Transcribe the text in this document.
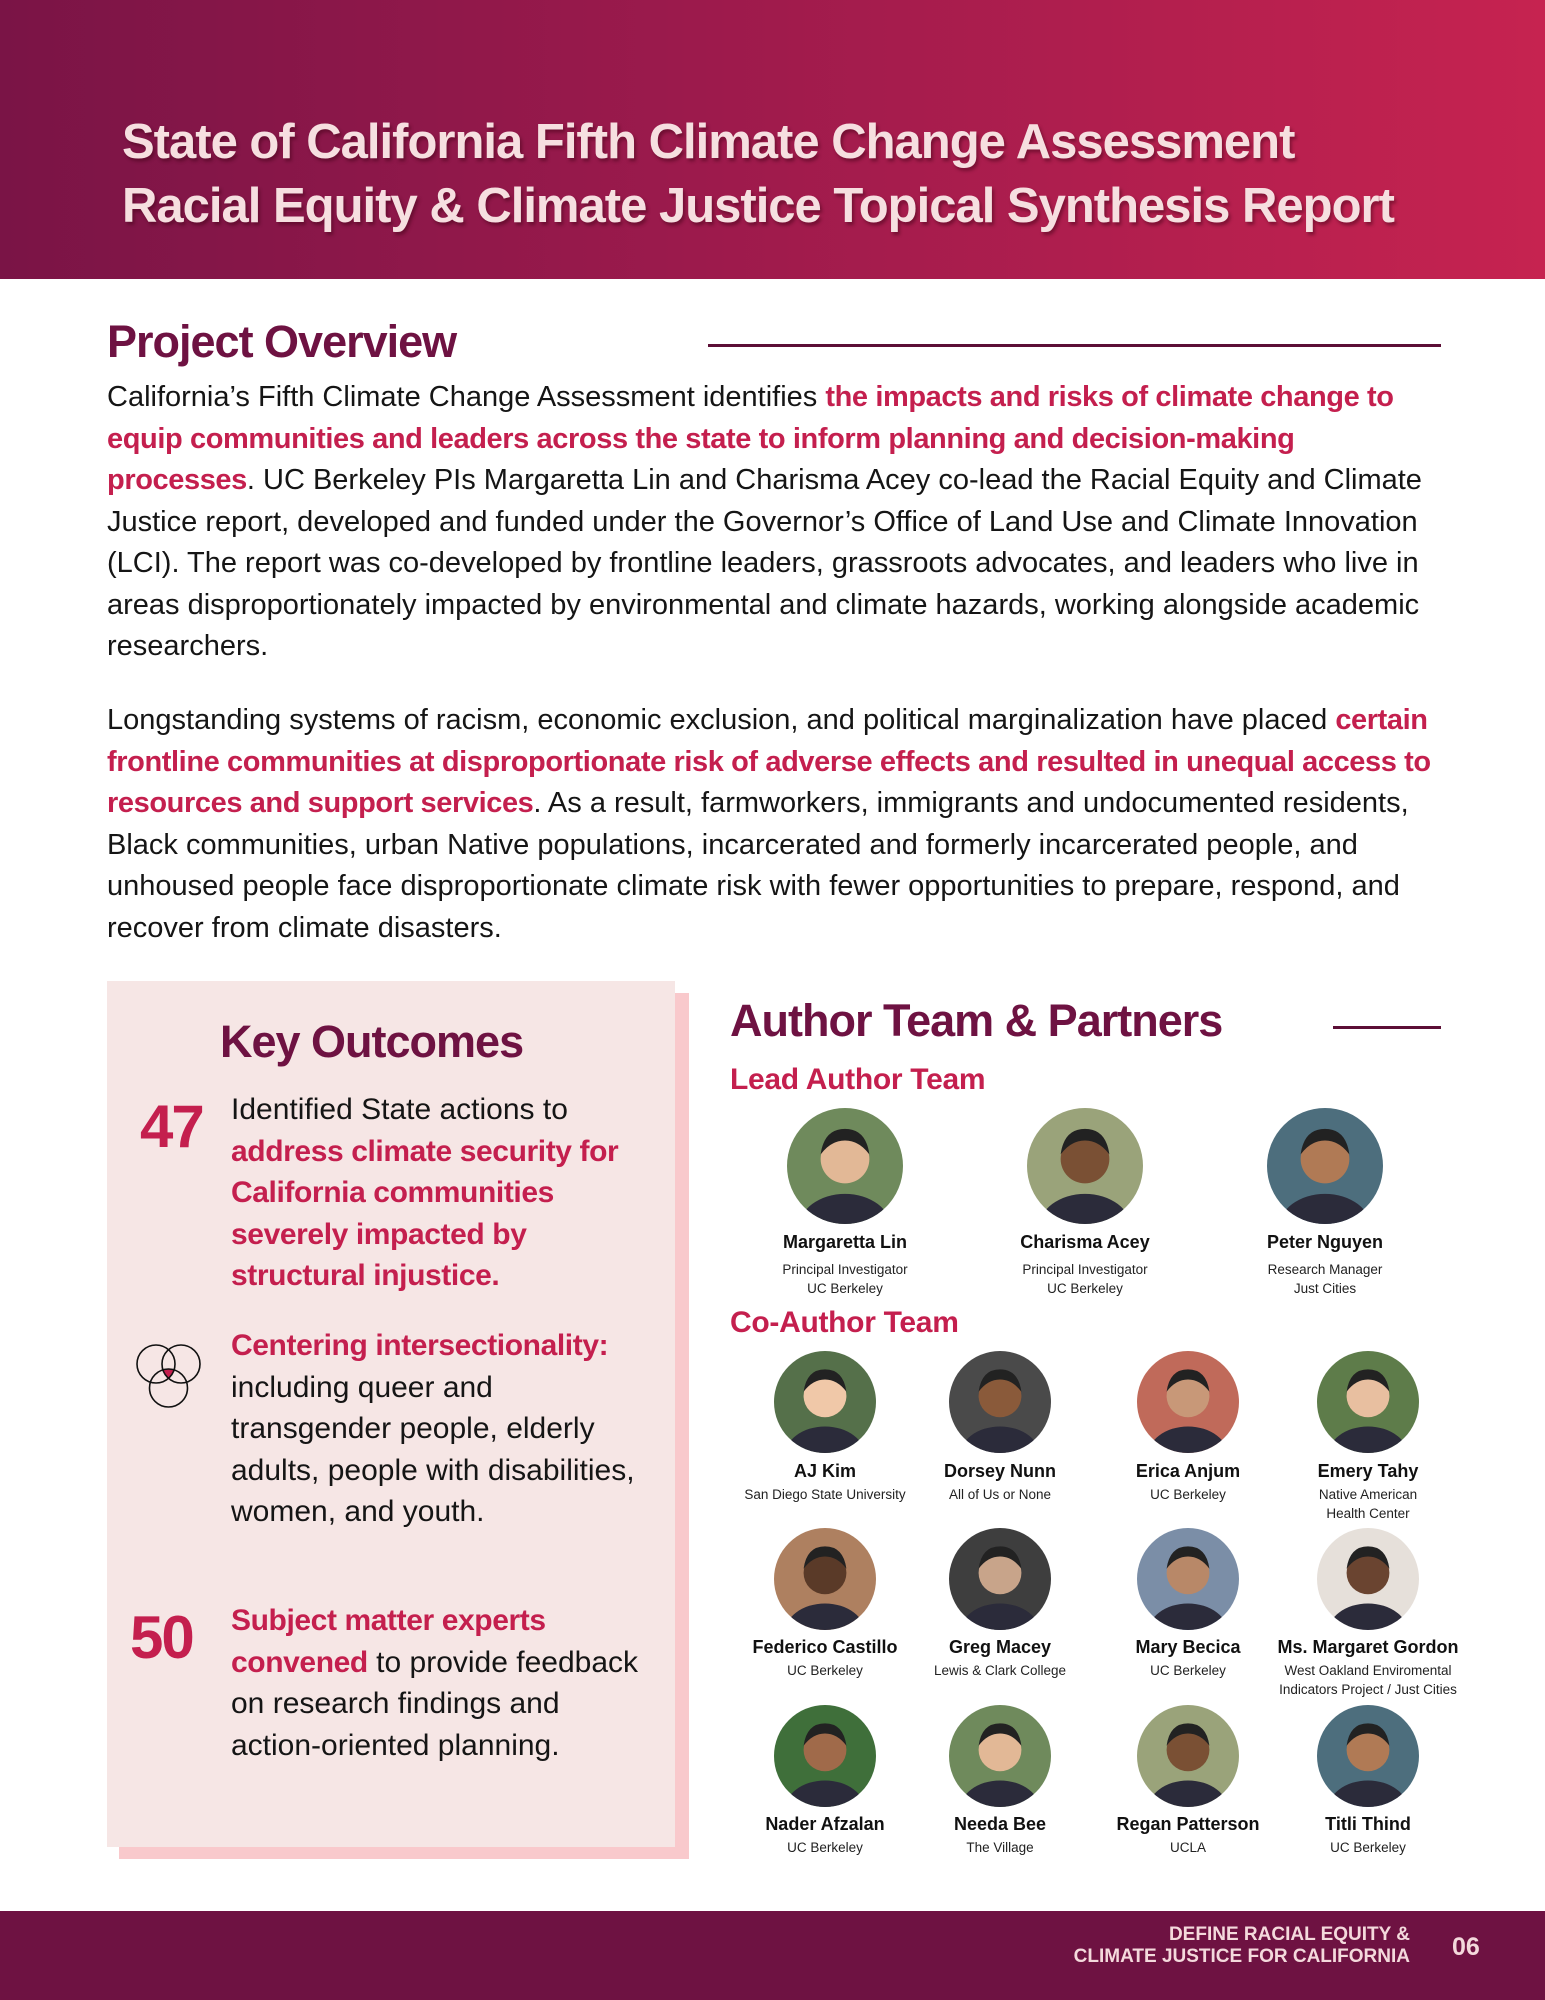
State of California Fifth Climate Change Assessment
Racial Equity & Climate Justice Topical Synthesis Report
Project Overview
California’s Fifth Climate Change Assessment identifies the impacts and risks of climate change to equip communities and leaders across the state to inform planning and decision-making processes. UC Berkeley PIs Margaretta Lin and Charisma Acey co-lead the Racial Equity and Climate Justice report, developed and funded under the Governor’s Office of Land Use and Climate Innovation (LCI). The report was co-developed by frontline leaders, grassroots advocates, and leaders who live in areas disproportionately impacted by environmental and climate hazards, working alongside academic researchers.
Longstanding systems of racism, economic exclusion, and political marginalization have placed certain frontline communities at disproportionate risk of adverse effects and resulted in unequal access to resources and support services. As a result, farmworkers, immigrants and undocumented residents, Black communities, urban Native populations, incarcerated and formerly incarcerated people, and unhoused people face disproportionate climate risk with fewer opportunities to prepare, respond, and recover from climate disasters.
Key Outcomes
47 Identified State actions to address climate security for California communities severely impacted by structural injustice.
Centering intersectionality: including queer and transgender people, elderly adults, people with disabilities, women, and youth.
50 Subject matter experts convened to provide feedback on research findings and action-oriented planning.
Author Team & Partners
Lead Author Team
Co-Author Team
Margaretta Lin
Principal Investigator
UC Berkeley
Charisma Acey
Principal Investigator
UC Berkeley
Peter Nguyen
Research Manager
Just Cities
AJ Kim
San Diego State University
Dorsey Nunn
All of Us or None
Erica Anjum
UC Berkeley
Emery Tahy
Native American
Health Center
Federico Castillo
UC Berkeley
Greg Macey
Lewis & Clark College
Mary Becica
UC Berkeley
Ms. Margaret Gordon
West Oakland Enviromental
Indicators Project / Just Cities
Nader Afzalan
UC Berkeley
Needa Bee
The Village
Regan Patterson
UCLA
Titli Thind
UC Berkeley
DEFINE RACIAL EQUITY &
CLIMATE JUSTICE FOR CALIFORNIA 06
